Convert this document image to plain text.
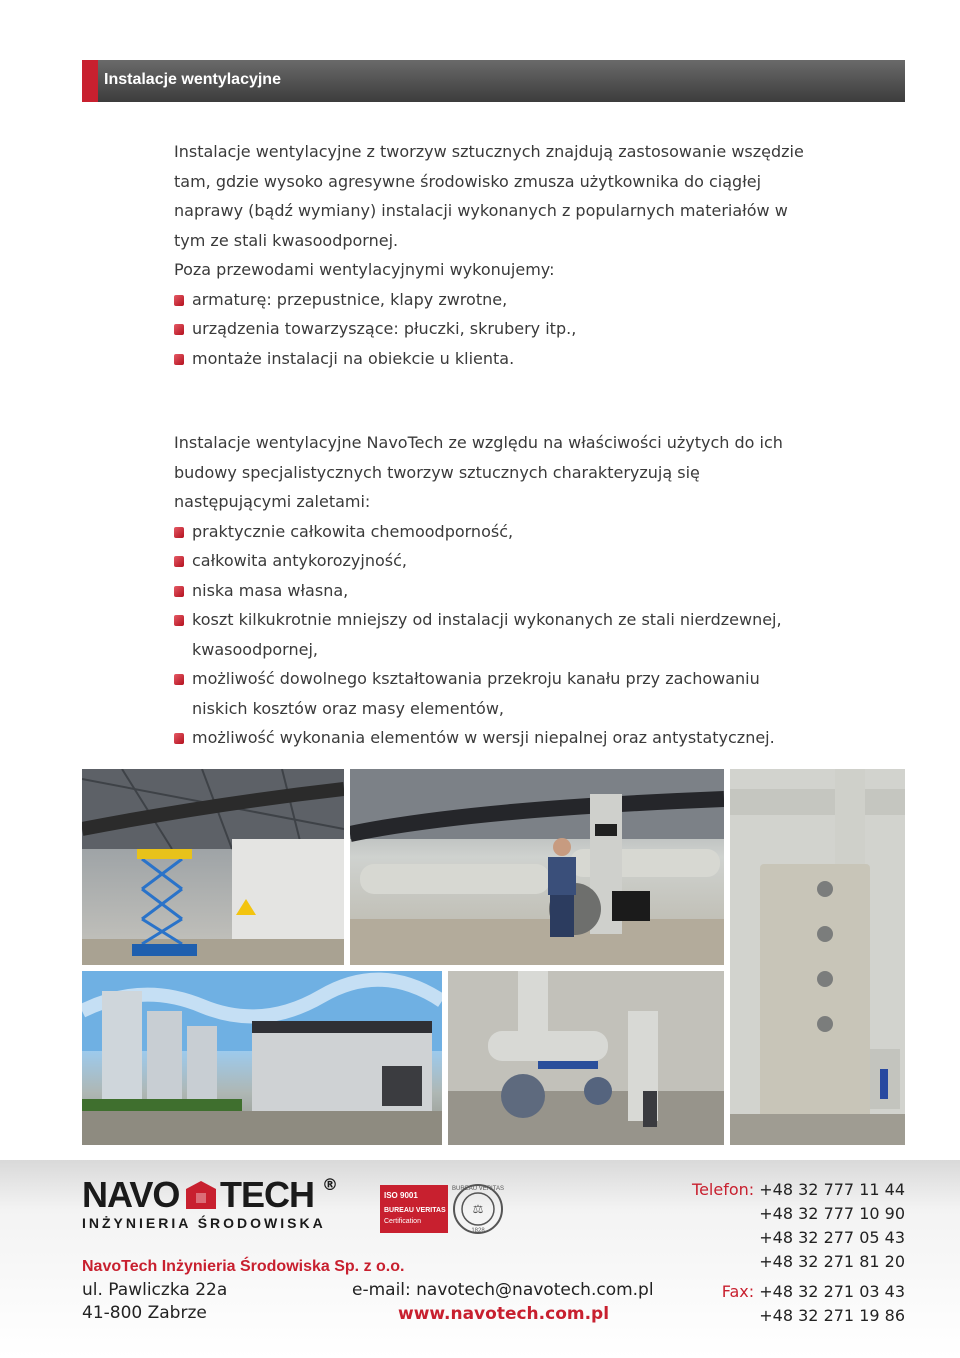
Instalacje wentylacyjne

Instalacje wentylacyjne z tworzyw sztucznych znajdują zastosowanie wszędzie tam, gdzie wysoko agresywne środowisko zmusza użytkownika do ciągłej naprawy (bądź wymiany) instalacji wykonanych z popularnych materiałów w tym ze stali kwasoodpornej.

Poza przewodami wentylacyjnymi wykonujemy:

armaturę: przepustnice, klapy zwrotne,
urządzenia towarzyszące: płuczki, skrubery itp.,
montaże instalacji na obiekcie u klienta.

Instalacje wentylacyjne NavoTech ze względu na właściwości użytych do ich budowy specjalistycznych tworzyw sztucznych charakteryzują się następującymi zaletami:

praktycznie całkowita chemoodporność,
całkowita antykorozyjność,
niska masa własna,
koszt kilkukrotnie mniejszy od instalacji wykonanych ze stali nierdzewnej, kwasoodpornej,
możliwość dowolnego kształtowania przekroju kanału przy zachowaniu niskich kosztów oraz masy elementów,
możliwość wykonania elementów w wersji niepalnej oraz antystatycznej.
NAVO TECH ®
INŻYNIERIA ŚRODOWISKA
ISO 9001
BUREAU VERITAS
Certification
BUREAU VERITAS
1828
⚖
NavoTech Inżynieria Środowiska Sp. z o.o.
ul. Pawliczka 22a
41-800 Zabrze
e-mail: navotech@navotech.com.pl
www.navotech.com.pl
Telefon: +48 32 777 11 44
+48 32 777 10 90
+48 32 277 05 43
+48 32 271 81 20
Fax: +48 32 271 03 43
+48 32 271 19 86
